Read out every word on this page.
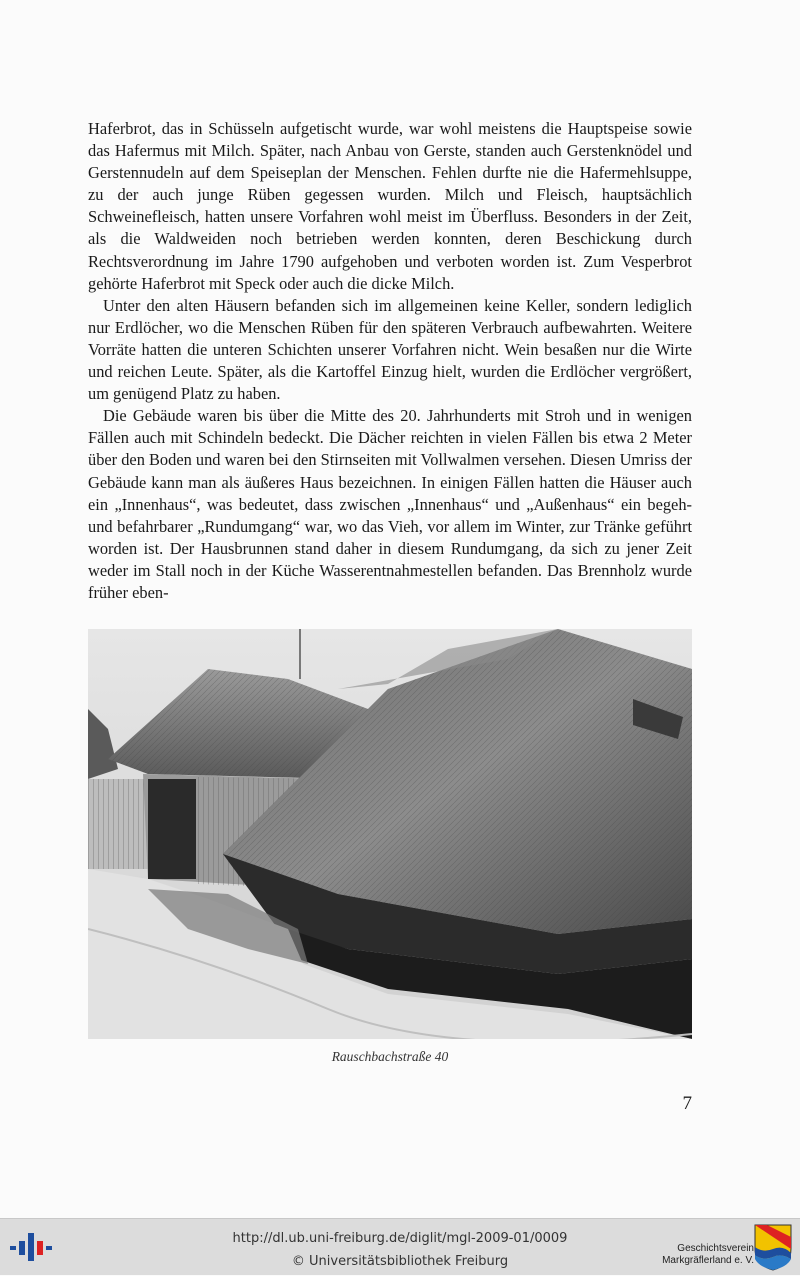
Haferbrot, das in Schüsseln aufgetischt wurde, war wohl meistens die Hauptspeise sowie das Hafermus mit Milch. Später, nach Anbau von Gerste, standen auch Gerstenknödel und Gerstennudeln auf dem Speiseplan der Menschen. Fehlen durfte nie die Hafermehlsuppe, zu der auch junge Rüben gegessen wurden. Milch und Fleisch, hauptsächlich Schweinefleisch, hatten unsere Vorfahren wohl meist im Überfluss. Besonders in der Zeit, als die Waldweiden noch betrieben werden konnten, deren Beschickung durch Rechtsverordnung im Jahre 1790 aufgehoben und verboten worden ist. Zum Vesperbrot gehörte Haferbrot mit Speck oder auch die dicke Milch.

Unter den alten Häusern befanden sich im allgemeinen keine Keller, sondern lediglich nur Erdlöcher, wo die Menschen Rüben für den späteren Verbrauch aufbewahrten. Weitere Vorräte hatten die unteren Schichten unserer Vorfahren nicht. Wein besaßen nur die Wirte und reichen Leute. Später, als die Kartoffel Einzug hielt, wurden die Erdlöcher vergrößert, um genügend Platz zu haben.

Die Gebäude waren bis über die Mitte des 20. Jahrhunderts mit Stroh und in wenigen Fällen auch mit Schindeln bedeckt. Die Dächer reichten in vielen Fällen bis etwa 2 Meter über den Boden und waren bei den Stirnseiten mit Vollwalmen versehen. Diesen Umriss der Gebäude kann man als äußeres Haus bezeichnen. In einigen Fällen hatten die Häuser auch ein „Innenhaus“, was bedeutet, dass zwischen „Innenhaus“ und „Außenhaus“ ein begeh- und befahrbarer „Rundumgang“ war, wo das Vieh, vor allem im Winter, zur Tränke geführt worden ist. Der Hausbrunnen stand daher in diesem Rundumgang, da sich zu jener Zeit weder im Stall noch in der Küche Wasserentnahmestellen befanden. Das Brennholz wurde früher eben-

Rauschbachstraße 40
7
http://dl.ub.uni-freiburg.de/diglit/mgl-2009-01/0009
© Universitätsbibliothek Freiburg
Geschichtsverein
Markgräflerland e. V.
